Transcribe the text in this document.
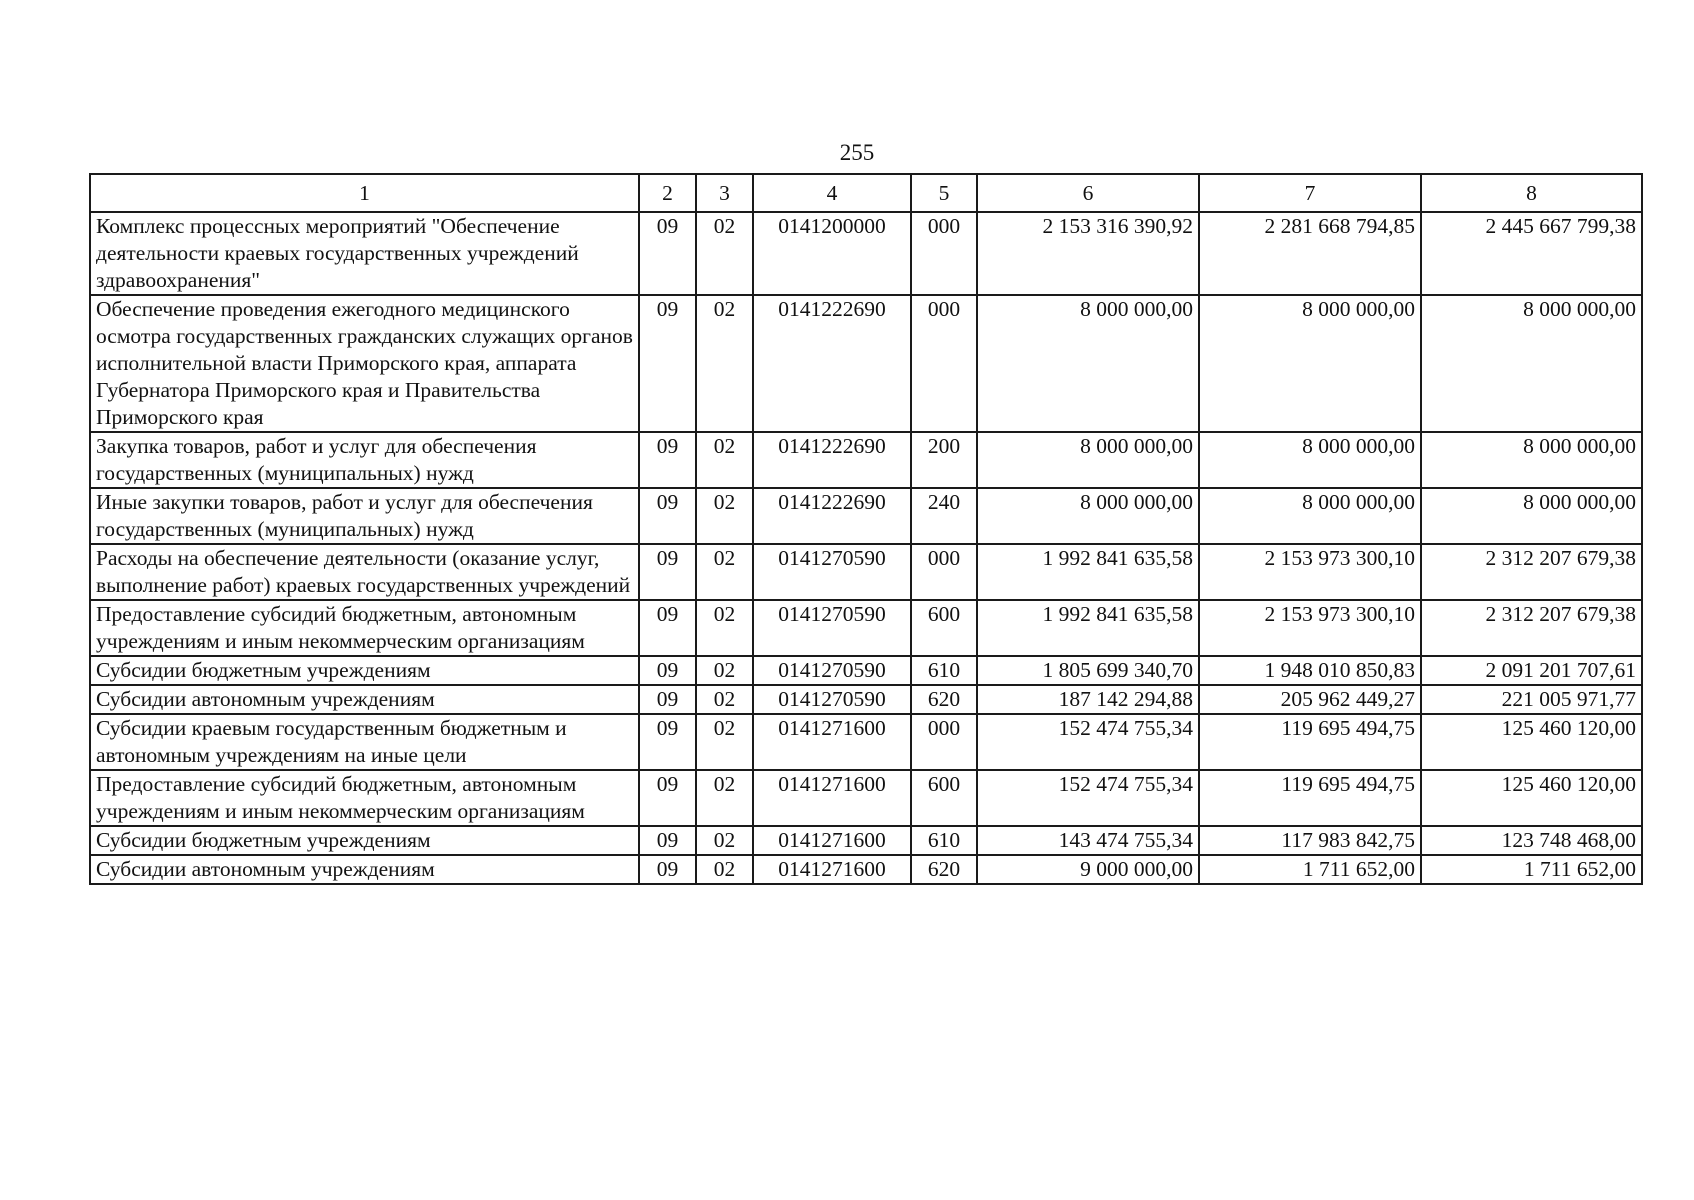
255
1	2	3	4	5	6	7	8
Комплекс процессных мероприятий "Обеспечение деятельности краевых государственных учреждений здравоохранения"	09	02	0141200000	000	2 153 316 390,92	2 281 668 794,85	2 445 667 799,38
Обеспечение проведения ежегодного медицинского осмотра государственных гражданских служащих органов исполнительной власти Приморского края, аппарата Губернатора Приморского края и Правительства Приморского края	09	02	0141222690	000	8 000 000,00	8 000 000,00	8 000 000,00
Закупка товаров, работ и услуг для обеспечения государственных (муниципальных) нужд	09	02	0141222690	200	8 000 000,00	8 000 000,00	8 000 000,00
Иные закупки товаров, работ и услуг для обеспечения государственных (муниципальных) нужд	09	02	0141222690	240	8 000 000,00	8 000 000,00	8 000 000,00
Расходы на обеспечение деятельности (оказание услуг, выполнение работ) краевых государственных учреждений	09	02	0141270590	000	1 992 841 635,58	2 153 973 300,10	2 312 207 679,38
Предоставление субсидий бюджетным, автономным учреждениям и иным некоммерческим организациям	09	02	0141270590	600	1 992 841 635,58	2 153 973 300,10	2 312 207 679,38
Субсидии бюджетным учреждениям	09	02	0141270590	610	1 805 699 340,70	1 948 010 850,83	2 091 201 707,61
Субсидии автономным учреждениям	09	02	0141270590	620	187 142 294,88	205 962 449,27	221 005 971,77
Субсидии краевым государственным бюджетным и автономным учреждениям на иные цели	09	02	0141271600	000	152 474 755,34	119 695 494,75	125 460 120,00
Предоставление субсидий бюджетным, автономным учреждениям и иным некоммерческим организациям	09	02	0141271600	600	152 474 755,34	119 695 494,75	125 460 120,00
Субсидии бюджетным учреждениям	09	02	0141271600	610	143 474 755,34	117 983 842,75	123 748 468,00
Субсидии автономным учреждениям	09	02	0141271600	620	9 000 000,00	1 711 652,00	1 711 652,00
